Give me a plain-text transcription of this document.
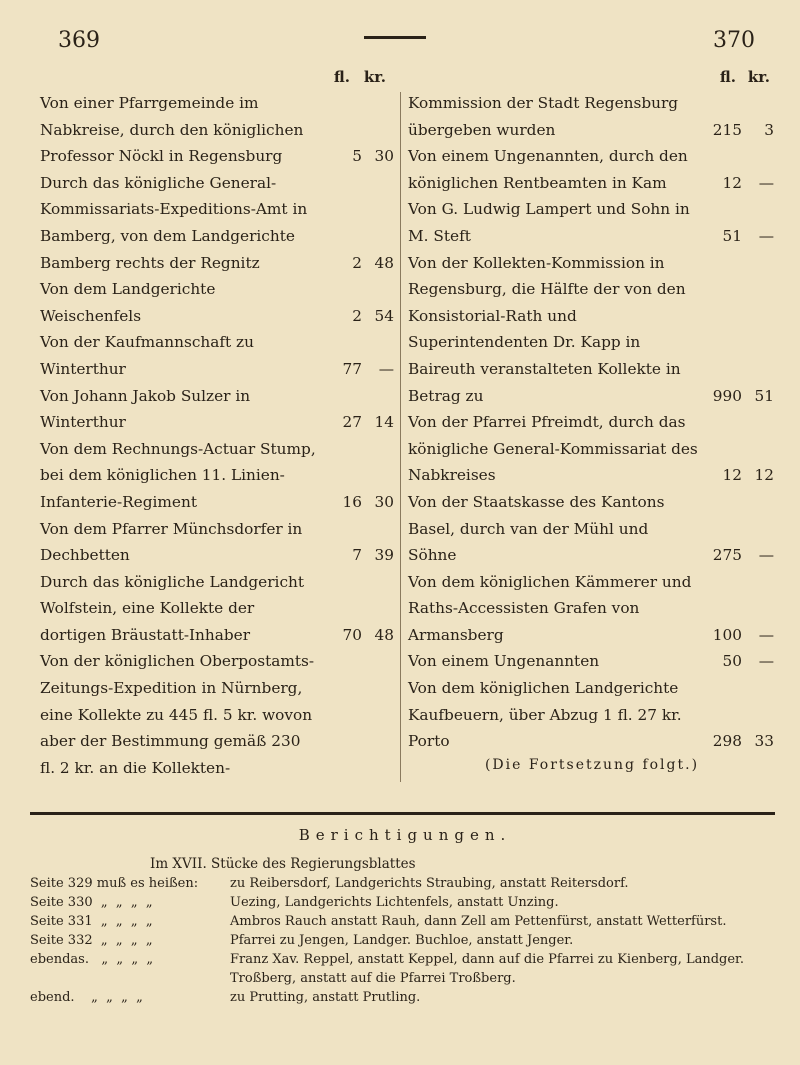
369	370
fl. kr.
Von einer Pfarrgemeinde im Nabkreise, durch den königlichen Professor Nöckl in Regensburg	5 30
Durch das königliche General-Kommissariats-Expeditions-Amt in Bamberg, von dem Landgerichte Bamberg rechts der Regnitz	2 48
Von dem Landgerichte Weischenfels	2 54
Von der Kaufmannschaft zu Winterthur	77 —
Von Johann Jakob Sulzer in Winterthur	27 14
Von dem Rechnungs-Actuar Stump, bei dem königlichen 11. Linien-Infanterie-Regiment	16 30
Von dem Pfarrer Münchsdorfer in Dechbetten	7 39
Durch das königliche Landgericht Wolfstein, eine Kollekte der dortigen Bräustatt-Inhaber	70 48
Von der königlichen Oberpostamts-Zeitungs-Expedition in Nürnberg, eine Kollekte zu 445 fl. 5 kr. wovon aber der Bestimmung gemäß 230 fl. 2 kr. an die Kollekten-
fl. kr.
Kommission der Stadt Regensburg übergeben wurden	215 3
Von einem Ungenannten, durch den königlichen Rentbeamten in Kam	12 —
Von G. Ludwig Lampert und Sohn in M. Steft	51 —
Von der Kollekten-Kommission in Regensburg, die Hälfte der von den Konsistorial-Rath und Superintendenten Dr. Kapp in Baireuth veranstalteten Kollekte in Betrag zu	990 51
Von der Pfarrei Pfreimdt, durch das königliche General-Kommissariat des Nabkreises	12 12
Von der Staatskasse des Kantons Basel, durch van der Mühl und Söhne	275 —
Von dem königlichen Kämmerer und Raths-Accessisten Grafen von Armansberg	100 —
Von einem Ungenannten	50 —
Von dem königlichen Landgerichte Kaufbeuern, über Abzug 1 fl. 27 kr. Porto	298 33
(Die Fortsetzung folgt.)
Berichtigungen.
Im XVII. Stücke des Regierungsblattes
Seite 329 muß es heißen:	zu Reibersdorf, Landgerichts Straubing, anstatt Reitersdorf.
Seite 330  „  „  „  „	Uezing, Landgerichts Lichtenfels, anstatt Unzing.
Seite 331  „  „  „  „	Ambros Rauch anstatt Rauh, dann Zell am Pettenfürst, anstatt Wetterfürst.
Seite 332  „  „  „  „	Pfarrei zu Jengen, Landger. Buchloe, anstatt Jenger.
ebendas.   „  „  „  „	Franz Xav. Reppel, anstatt Keppel, dann auf die Pfarrei zu Kienberg, Landger. Troßberg, anstatt auf die Pfarrei Troßberg.
ebend.    „  „  „  „	zu Prutting, anstatt Prutling.
